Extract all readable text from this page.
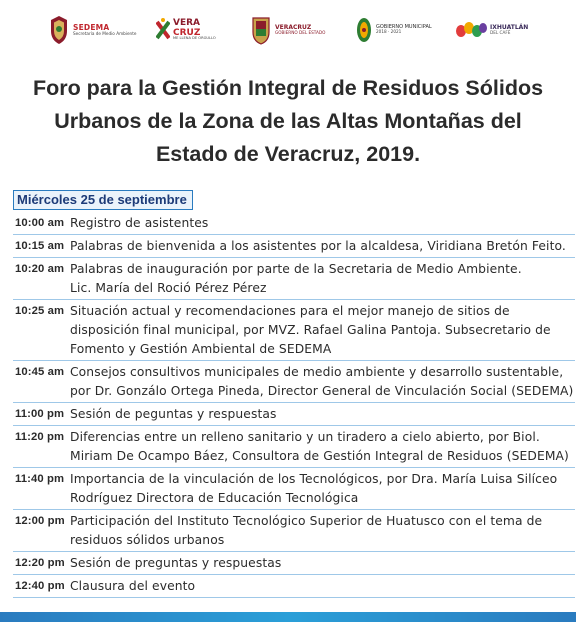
SEDEMA
Secretaría de Medio Ambiente
VERA
CRUZ
ME LLENA DE ORGULLO
VERACRUZ
GOBIERNO DEL ESTADO
GOBIERNO MUNICIPAL
2018 · 2021
IXHUATLÁN
DEL CAFÉ
Foro para la Gestión Integral de Residuos Sólidos
Urbanos de la Zona de las Altas Montañas del
Estado de Veracruz, 2019.
Miércoles 25 de septiembre
10:00 am Registro de asistentes
10:15 am Palabras de bienvenida a los asistentes por la alcaldesa, Viridiana Bretón Feito.
10:20 am Palabras de inauguración por parte de la Secretaria de Medio Ambiente.
Lic. María del Roció Pérez Pérez
10:25 am Situación actual y recomendaciones para el mejor manejo de sitios de
disposición final municipal, por MVZ. Rafael Galina Pantoja. Subsecretario de
Fomento y Gestión Ambiental de SEDEMA
10:45 am Consejos consultivos municipales de medio ambiente y desarrollo sustentable,
por Dr. Gonzálo Ortega Pineda, Director General de Vinculación Social (SEDEMA)
11:00 pm Sesión de peguntas y respuestas
11:20 pm Diferencias entre un relleno sanitario y un tiradero a cielo abierto, por Biol.
Miriam De Ocampo Báez, Consultora de Gestión Integral de Residuos (SEDEMA)
11:40 pm Importancia de la vinculación de los Tecnológicos, por Dra. María Luisa Silíceo
Rodríguez Directora de Educación Tecnológica
12:00 pm Participación del Instituto Tecnológico Superior de Huatusco con el tema de
residuos sólidos urbanos
12:20 pm Sesión de preguntas y respuestas
12:40 pm Clausura del evento
